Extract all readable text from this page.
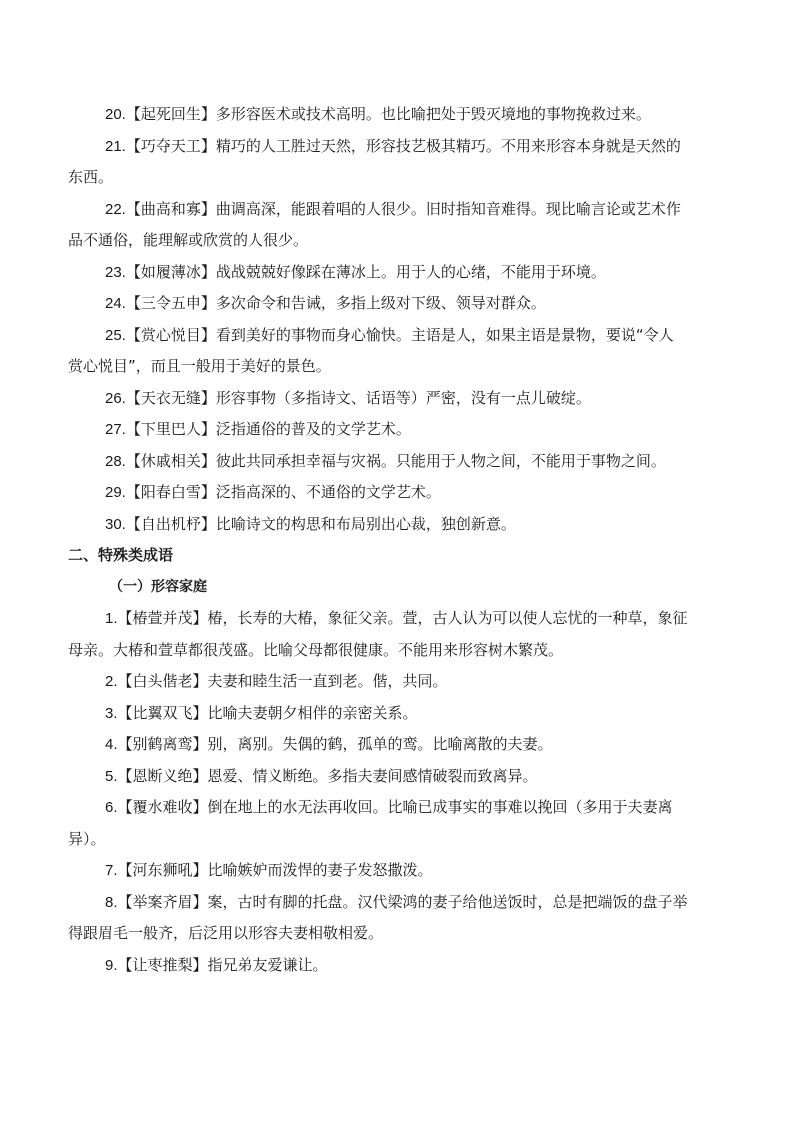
20.【起死回生】多形容医术或技术高明。也比喻把处于毁灭境地的事物挽救过来。
21.【巧夺天工】精巧的人工胜过天然，形容技艺极其精巧。不用来形容本身就是天然的
东西。
22.【曲高和寡】曲调高深，能跟着唱的人很少。旧时指知音难得。现比喻言论或艺术作
品不通俗，能理解或欣赏的人很少。
23.【如履薄冰】战战兢兢好像踩在薄冰上。用于人的心绪，不能用于环境。
24.【三令五申】多次命令和告诫，多指上级对下级、领导对群众。
25.【赏心悦目】看到美好的事物而身心愉快。主语是人，如果主语是景物，要说“令人
赏心悦目”，而且一般用于美好的景色。
26.【天衣无缝】形容事物（多指诗文、话语等）严密，没有一点儿破绽。
27.【下里巴人】泛指通俗的普及的文学艺术。
28.【休戚相关】彼此共同承担幸福与灾祸。只能用于人物之间，不能用于事物之间。
29.【阳春白雪】泛指高深的、不通俗的文学艺术。
30.【自出机杼】比喻诗文的构思和布局别出心裁，独创新意。
二、特殊类成语
（一）形容家庭
1.【椿萱并茂】椿，长寿的大椿，象征父亲。萱，古人认为可以使人忘忧的一种草，象征
母亲。大椿和萱草都很茂盛。比喻父母都很健康。不能用来形容树木繁茂。
2.【白头偕老】夫妻和睦生活一直到老。偕，共同。
3.【比翼双飞】比喻夫妻朝夕相伴的亲密关系。
4.【别鹤离鸾】别，离别。失偶的鹤，孤单的鸾。比喻离散的夫妻。
5.【恩断义绝】恩爱、情义断绝。多指夫妻间感情破裂而致离异。
6.【覆水难收】倒在地上的水无法再收回。比喻已成事实的事难以挽回（多用于夫妻离
异）。
7.【河东狮吼】比喻嫉妒而泼悍的妻子发怒撒泼。
8.【举案齐眉】案，古时有脚的托盘。汉代梁鸿的妻子给他送饭时，总是把端饭的盘子举
得跟眉毛一般齐，后泛用以形容夫妻相敬相爱。
9.【让枣推梨】指兄弟友爱谦让。
